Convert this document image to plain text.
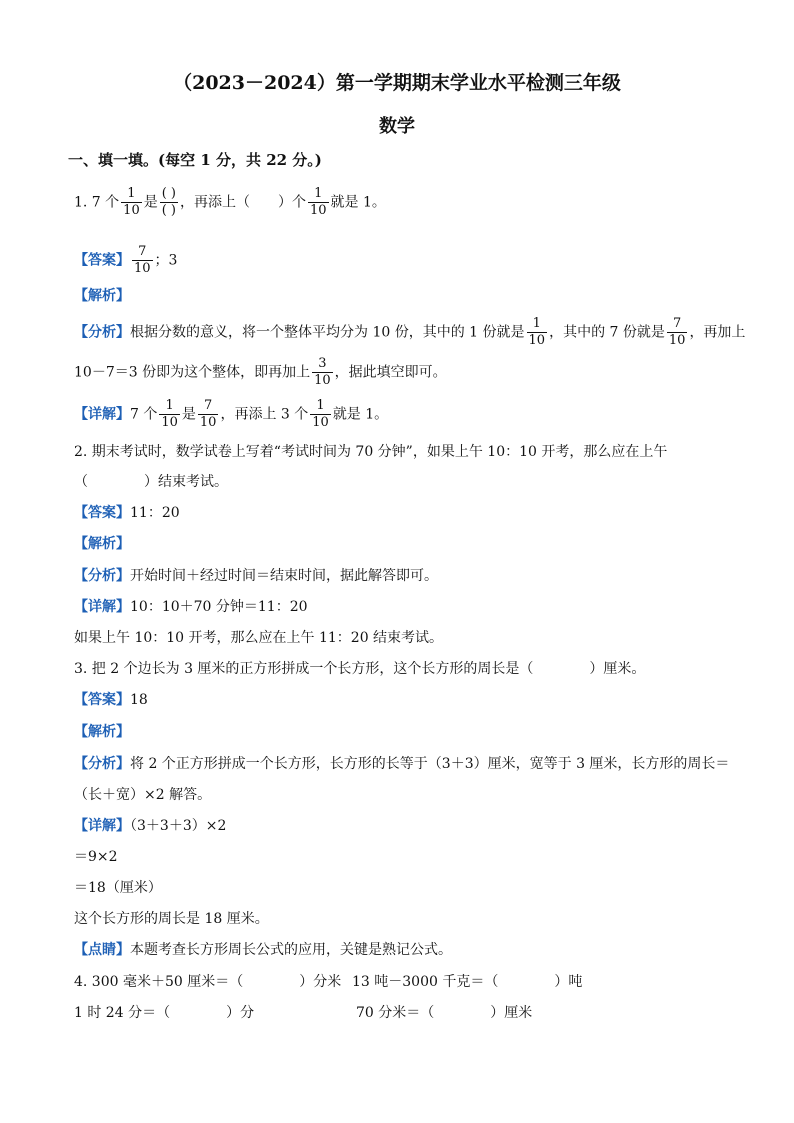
（2023－2024）第一学期期末学业水平检测三年级
数学
一、填一填。(每空 1 分，共 22 分。)
1. 7 个 $\frac{1}{10}$ 是 $\frac{( )}{( )}$ ，再添上（　　）个 $\frac{1}{10}$ 就是 1。
【答案】 $\frac{7}{10}$ ；3
【解析】
【分析】根据分数的意义，将一个整体平均分为 10 份，其中的 1 份就是 $\frac{1}{10}$ ，其中的 7 份就是 $\frac{7}{10}$ ，再加上
10－7＝3 份即为这个整体，即再加上 $\frac{3}{10}$ ，据此填空即可。
【详解】7 个 $\frac{1}{10}$ 是 $\frac{7}{10}$ ，再添上 3 个 $\frac{1}{10}$ 就是 1。
2. 期末考试时，数学试卷上写着“考试时间为 70 分钟”，如果上午 10：10 开考，那么应在上午
（　　　　）结束考试。
【答案】11：20
【解析】
【分析】开始时间＋经过时间＝结束时间，据此解答即可。
【详解】10：10＋70 分钟＝11：20
如果上午 10：10 开考，那么应在上午 11：20 结束考试。
3. 把 2 个边长为 3 厘米的正方形拼成一个长方形，这个长方形的周长是（　　　　）厘米。
【答案】18
【解析】
【分析】将 2 个正方形拼成一个长方形，长方形的长等于（3＋3）厘米，宽等于 3 厘米，长方形的周长＝
（长＋宽）×2 解答。
【详解】（3＋3＋3）×2
＝9×2
＝18（厘米）
这个长方形的周长是 18 厘米。
【点睛】本题考查长方形周长公式的应用，关键是熟记公式。
4. 300 毫米＋50 厘米＝（　　　　）分米 13 吨－3000 千克＝（　　　　）吨
1 时 24 分＝（　　　　）分	70 分米＝（　　　　）厘米
